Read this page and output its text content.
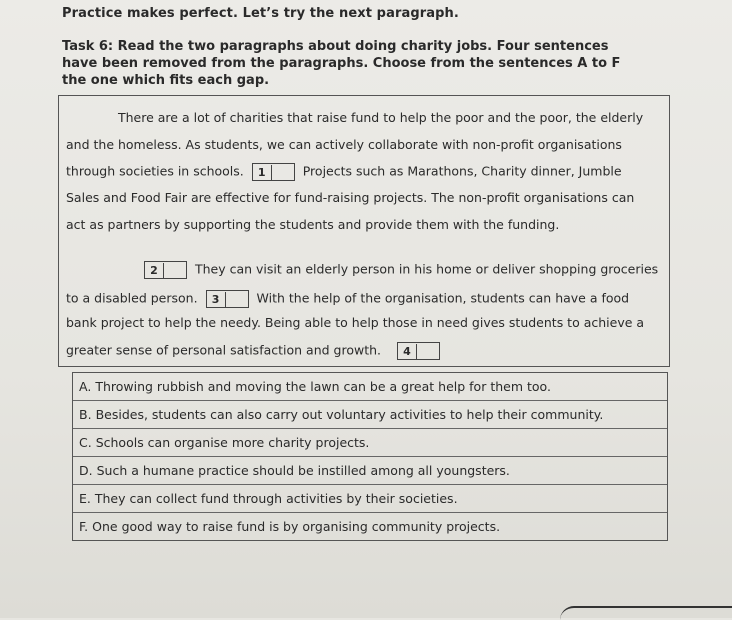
Practice makes perfect. Let’s try the next paragraph.
Task 6: Read the two paragraphs about doing charity jobs. Four sentences have been removed from the paragraphs. Choose from the sentences A to F the one which fits each gap.
There are a lot of charities that raise fund to help the poor and the poor, the elderly
and the homeless. As students, we can actively collaborate with non-profit organisations
through societies in schools. 1	Projects such as Marathons, Charity dinner, Jumble
Sales and Food Fair are effective for fund-raising projects. The non-profit organisations can
act as partners by supporting the students and provide them with the funding.
2	They can visit an elderly person in his home or deliver shopping groceries
to a disabled person. 3	With the help of the organisation, students can have a food
bank project to help the needy. Being able to help those in need gives students to achieve a
greater sense of personal satisfaction and growth. 4
A. Throwing rubbish and moving the lawn can be a great help for them too.
B. Besides, students can also carry out voluntary activities to help their community.
C. Schools can organise more charity projects.
D. Such a humane practice should be instilled among all youngsters.
E. They can collect fund through activities by their societies.
F. One good way to raise fund is by organising community projects.
